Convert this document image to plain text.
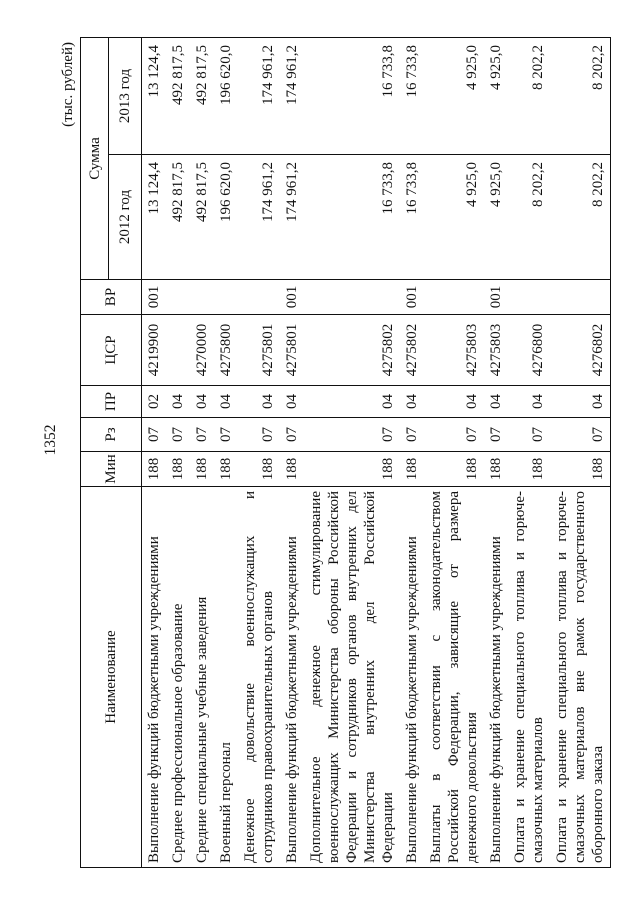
1352
(тыс. рублей)
Наименование	Мин	Рз	ПР	ЦСР	ВР	Сумма	
						2012 год	2013 год

Выполнение функций бюджетными учреждениями	188	07	02	4219900	001	13 124,4	13 124,4

Среднее профессиональное образование	188	07	04			492 817,5	492 817,5

Средние специальные учебные заведения	188	07	04	4270000		492 817,5	492 817,5

Военный персонал	188	07	04	4275800		196 620,0	196 620,0

Денежное довольствие военнослужащих и сотрудников правоохранительных органов	188	07	04	4275801		174 961,2	174 961,2

Выполнение функций бюджетными учреждениями	188	07	04	4275801	001	174 961,2	174 961,2

Дополнительное денежное стимулирование военнослужащих Министерства обороны Российской Федерации и сотрудников органов внутренних дел Министерства внутренних дел Российской Федерации	188	07	04	4275802		16 733,8	16 733,8

Выполнение функций бюджетными учреждениями	188	07	04	4275802	001	16 733,8	16 733,8

Выплаты в соответствии с законодательством Российской Федерации, зависящие от размера денежного довольствия	188	07	04	4275803		4 925,0	4 925,0

Выполнение функций бюджетными учреждениями	188	07	04	4275803	001	4 925,0	4 925,0

Оплата и хранение специального топлива и горюче- смазочных материалов	188	07	04	4276800		8 202,2	8 202,2

Оплата и хранение специального топлива и горюче- смазочных материалов вне рамок государственного оборонного заказа	188	07	04	4276802		8 202,2	8 202,2
